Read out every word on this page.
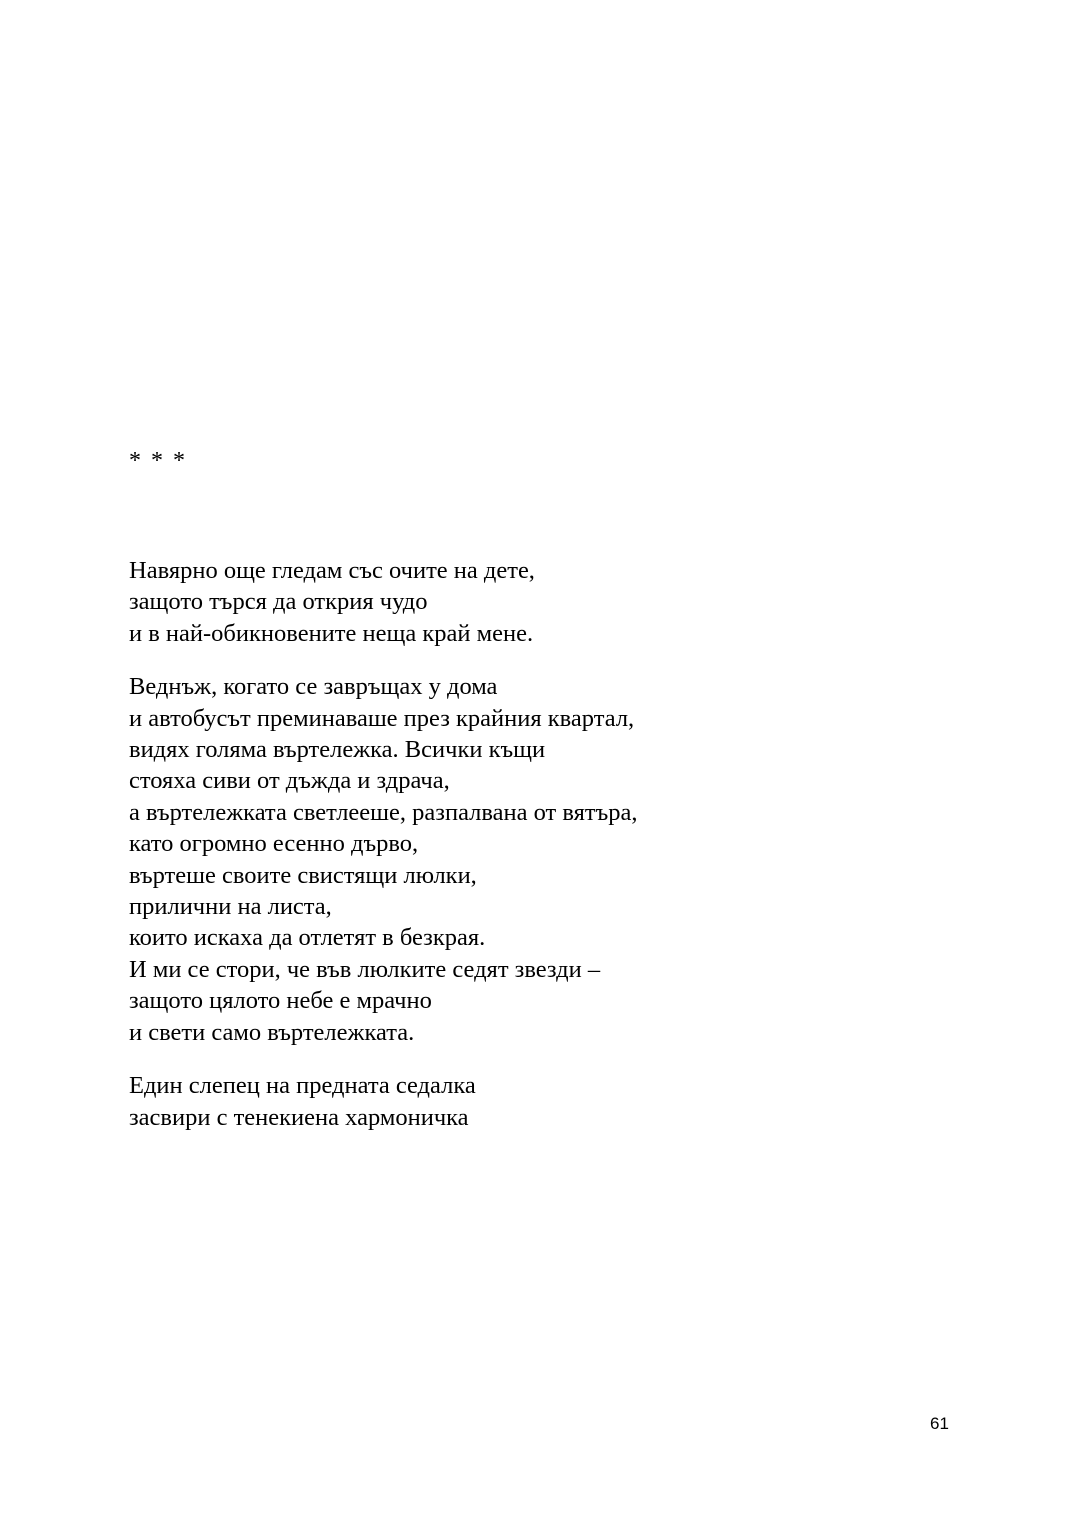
* * *

Навярно още гледам със очите на дете,
защото търся да открия чудо
и в най-обикновените неща край мене.
Веднъж, когато се завръщах у дома
и автобусът преминаваше през крайния квартал,
видях голяма въртележка. Всички къщи
стояха сиви от дъжда и здрача,
а въртележката светлееше, разпалвана от вятъра,
като огромно есенно дърво,
въртеше своите свистящи люлки,
прилични на листа,
които искаха да отлетят в безкрая.
И ми се стори, че във люлките седят звезди –
защото цялото небе е мрачно
и свети само въртележката.
Един слепец на предната седалка
засвири с тенекиена хармоничка
61
